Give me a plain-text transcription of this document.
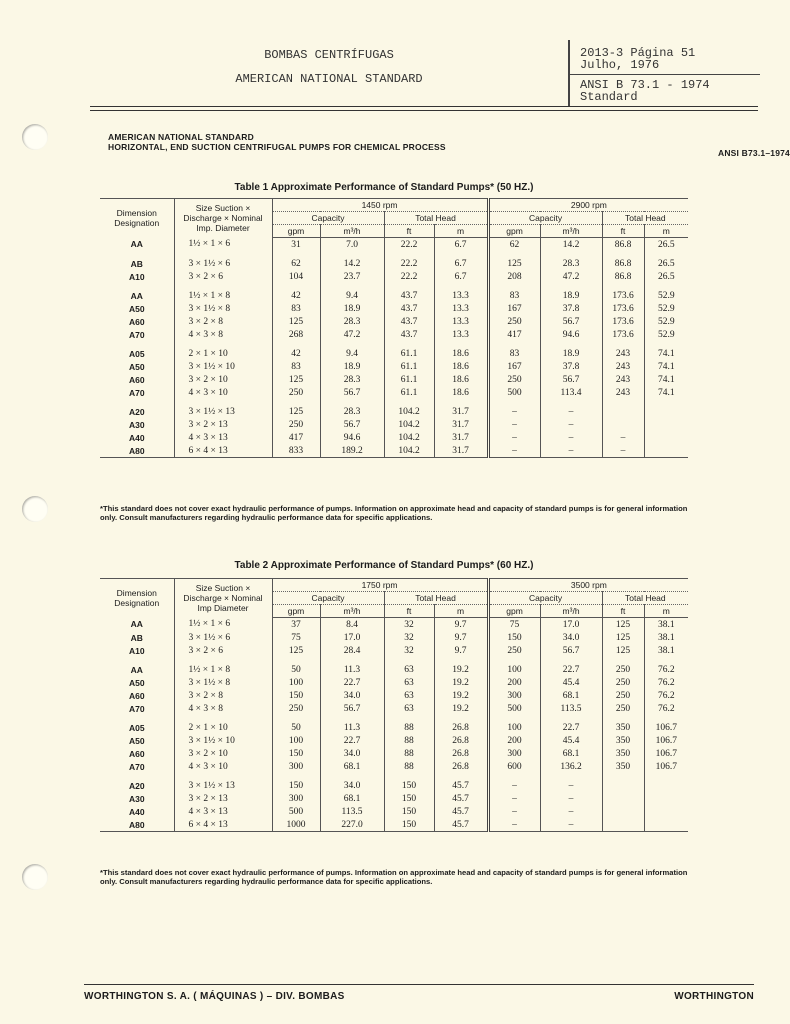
BOMBAS CENTRÍFUGAS
AMERICAN NATIONAL STANDARD
2013-3 Página 51
Julho, 1976
ANSI B 73.1 - 1974
Standard
AMERICAN NATIONAL STANDARD
HORIZONTAL, END SUCTION CENTRIFUGAL PUMPS FOR CHEMICAL PROCESS
ANSI B73.1–1974
Table 1 Approximate Performance of Standard Pumps* (50 HZ.)
Dimension Designation	Size Suction × Discharge × Nominal Imp. Diameter	1450 rpm				2900 rpm			
		Capacity		Total Head		Capacity		Total Head	
		gpm	m³/h	ft	m	gpm	m³/h	ft	m
AA	1½ × 1 × 6	31	7.0	22.2	6.7	62	14.2	86.8	26.5

AB	3 × 1½ × 6	62	14.2	22.2	6.7	125	28.3	86.8	26.5
A10	3 × 2 × 6	104	23.7	22.2	6.7	208	47.2	86.8	26.5

AA	1½ × 1 × 8	42	9.4	43.7	13.3	83	18.9	173.6	52.9
A50	3 × 1½ × 8	83	18.9	43.7	13.3	167	37.8	173.6	52.9
A60	3 × 2 × 8	125	28.3	43.7	13.3	250	56.7	173.6	52.9
A70	4 × 3 × 8	268	47.2	43.7	13.3	417	94.6	173.6	52.9

A05	2 × 1 × 10	42	9.4	61.1	18.6	83	18.9	243	74.1
A50	3 × 1½ × 10	83	18.9	61.1	18.6	167	37.8	243	74.1
A60	3 × 2 × 10	125	28.3	61.1	18.6	250	56.7	243	74.1
A70	4 × 3 × 10	250	56.7	61.1	18.6	500	113.4	243	74.1

A20	3 × 1½ × 13	125	28.3	104.2	31.7	–	–		
A30	3 × 2 × 13	250	56.7	104.2	31.7	–	–		
A40	4 × 3 × 13	417	94.6	104.2	31.7	–	–	–	
A80	6 × 4 × 13	833	189.2	104.2	31.7	–	–	–	
*This standard does not cover exact hydraulic performance of pumps. Information on approximate head and capacity of standard pumps is for general information only. Consult manufacturers regarding hydraulic performance data for specific applications.
Table 2 Approximate Performance of Standard Pumps* (60 HZ.)
Dimension Designation	Size Suction × Discharge × Nominal Imp Diameter	1750 rpm				3500 rpm			
		Capacity		Total Head		Capacity		Total Head	
		gpm	m³/h	ft	m	gpm	m³/h	ft	m
AA	1½ × 1 × 6	37	8.4	32	9.7	75	17.0	125	38.1
AB	3 × 1½ × 6	75	17.0	32	9.7	150	34.0	125	38.1
A10	3 × 2 × 6	125	28.4	32	9.7	250	56.7	125	38.1

AA	1½ × 1 × 8	50	11.3	63	19.2	100	22.7	250	76.2
A50	3 × 1½ × 8	100	22.7	63	19.2	200	45.4	250	76.2
A60	3 × 2 × 8	150	34.0	63	19.2	300	68.1	250	76.2
A70	4 × 3 × 8	250	56.7	63	19.2	500	113.5	250	76.2

A05	2 × 1 × 10	50	11.3	88	26.8	100	22.7	350	106.7
A50	3 × 1½ × 10	100	22.7	88	26.8	200	45.4	350	106.7
A60	3 × 2 × 10	150	34.0	88	26.8	300	68.1	350	106.7
A70	4 × 3 × 10	300	68.1	88	26.8	600	136.2	350	106.7

A20	3 × 1½ × 13	150	34.0	150	45.7	–	–		
A30	3 × 2 × 13	300	68.1	150	45.7	–	–		
A40	4 × 3 × 13	500	113.5	150	45.7	–	–		
A80	6 × 4 × 13	1000	227.0	150	45.7	–	–		
*This standard does not cover exact hydraulic performance of pumps. Information on approximate head and capacity of standard pumps is for general information only. Consult manufacturers regarding hydraulic performance data for specific applications.
WORTHINGTON S. A. ( MÁQUINAS ) – DIV. BOMBAS	WORTHINGTON
